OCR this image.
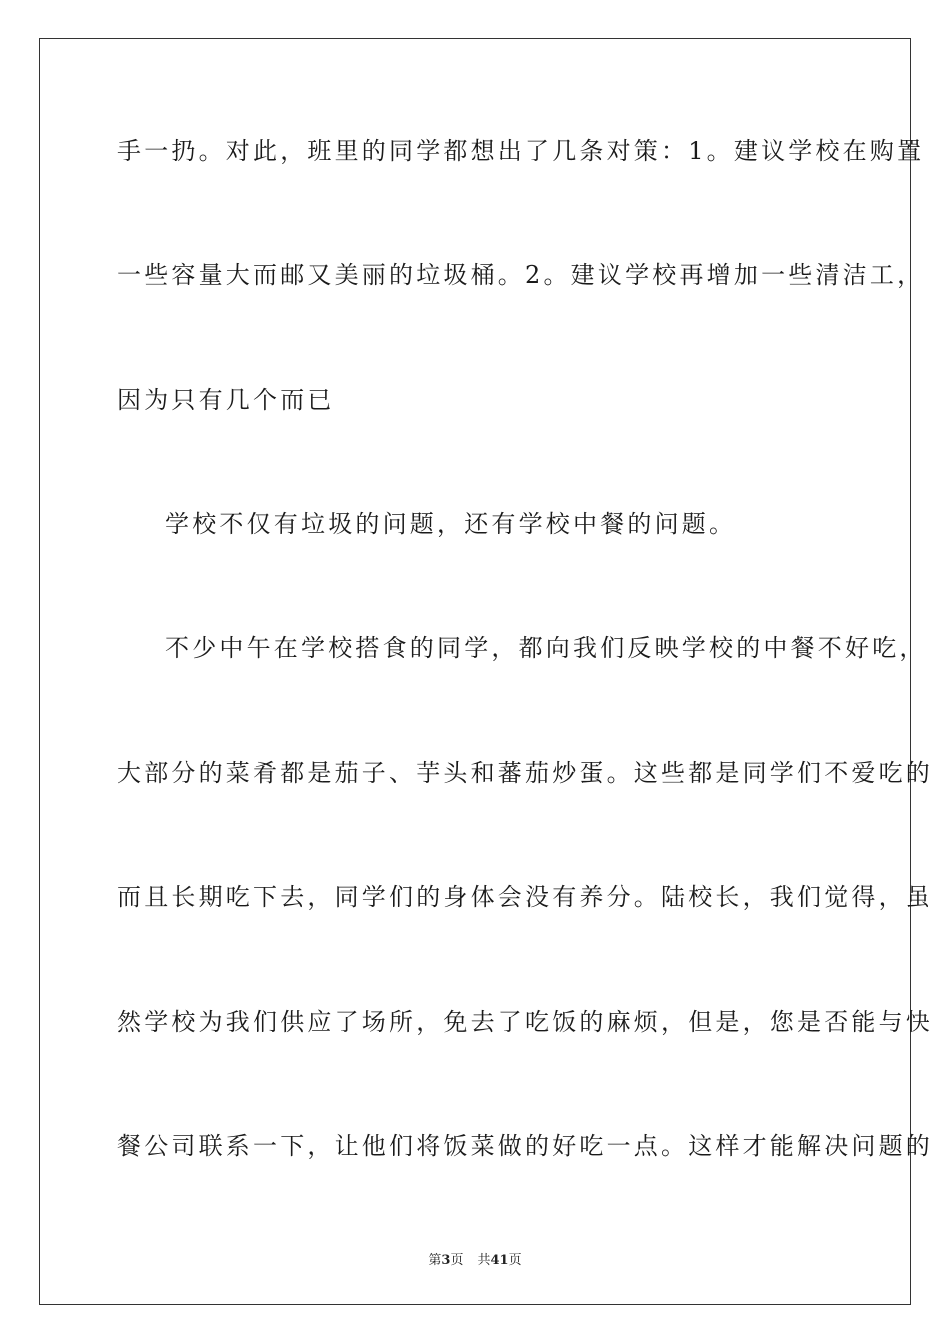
手一扔。对此，班里的同学都想出了几条对策：1。建议学校在购置
一些容量大而邮又美丽的垃圾桶。2。建议学校再增加一些清洁工，
因为只有几个而已
学校不仅有垃圾的问题，还有学校中餐的问题。
不少中午在学校搭食的同学，都向我们反映学校的中餐不好吃，
大部分的菜肴都是茄子、芋头和蕃茄炒蛋。这些都是同学们不爱吃的
而且长期吃下去，同学们的身体会没有养分。陆校长，我们觉得，虽
然学校为我们供应了场所，免去了吃饭的麻烦，但是，您是否能与快
餐公司联系一下，让他们将饭菜做的好吃一点。这样才能解决问题的
第3页 共41页
